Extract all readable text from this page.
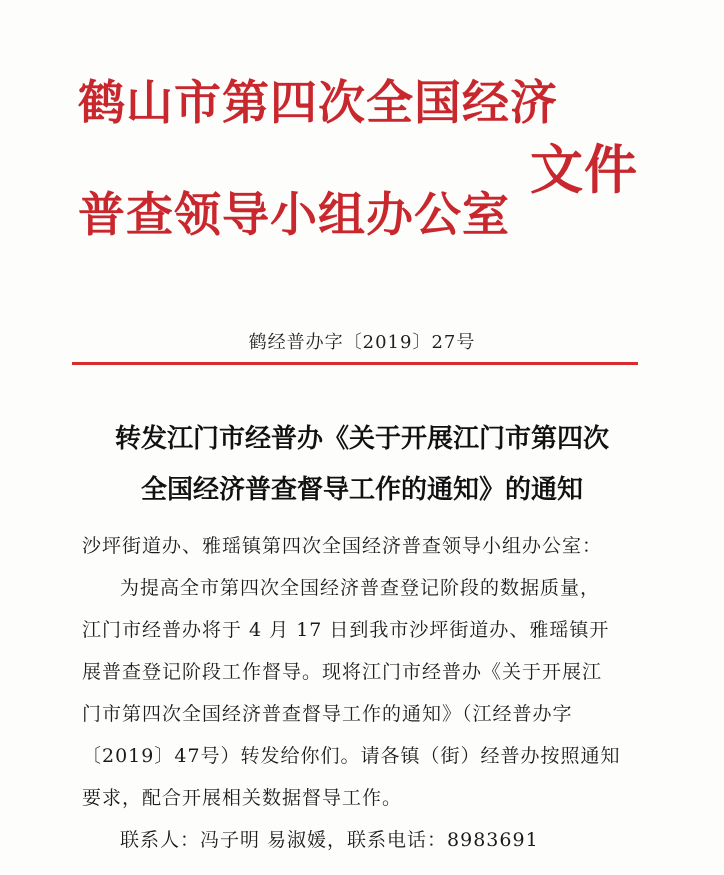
鹤山市第四次全国经济
普查领导小组办公室
文件
鹤经普办字〔2019〕27号
转发江门市经普办《关于开展江门市第四次
全国经济普查督导工作的通知》的通知
沙坪街道办、雅瑶镇第四次全国经济普查领导小组办公室：
为提高全市第四次全国经济普查登记阶段的数据质量，
江门市经普办将于 4 月 17 日到我市沙坪街道办、雅瑶镇开
展普查登记阶段工作督导。现将江门市经普办《关于开展江
门市第四次全国经济普查督导工作的通知》（江经普办字
〔2019〕47号）转发给你们。请各镇（街）经普办按照通知
要求，配合开展相关数据督导工作。
联系人：冯子明 易淑媛，联系电话：8983691
